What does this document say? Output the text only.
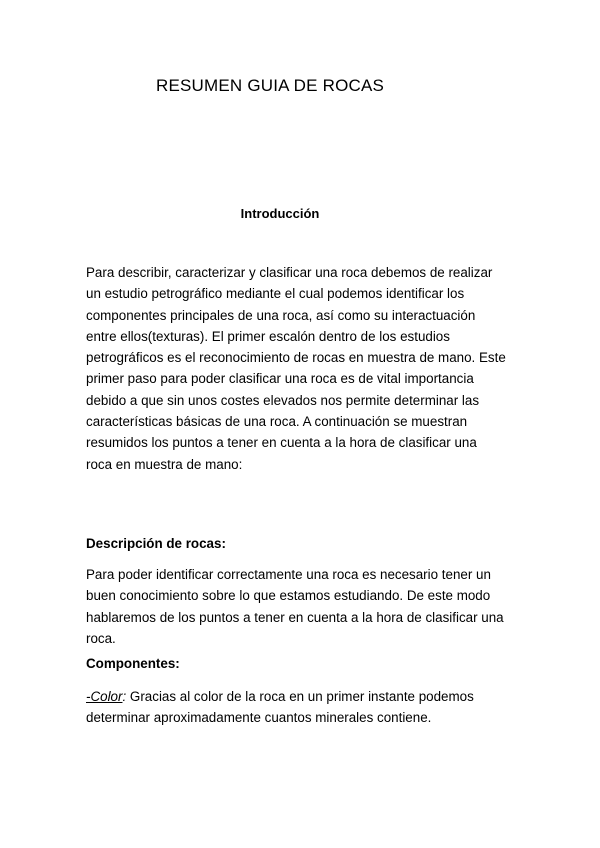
RESUMEN GUIA DE ROCAS
Introducción

Para describir, caracterizar y clasificar una roca debemos de realizar un estudio petrográfico mediante el cual podemos identificar los componentes principales de una roca, así como su interactuación entre ellos(texturas). El primer escalón dentro de los estudios petrográficos es el reconocimiento de rocas en muestra de mano. Este primer paso para poder clasificar una roca es de vital importancia debido a que sin unos costes elevados nos permite determinar las características básicas de una roca. A continuación se muestran resumidos los puntos a tener en cuenta a la hora de clasificar una roca en muestra de mano:

Descripción de rocas:

Para poder identificar correctamente una roca es necesario tener un buen conocimiento sobre lo que estamos estudiando. De este modo hablaremos de los puntos a tener en cuenta a la hora de clasificar una roca.

Componentes:

-Color: Gracias al color de la roca en un primer instante podemos determinar aproximadamente cuantos minerales contiene.
